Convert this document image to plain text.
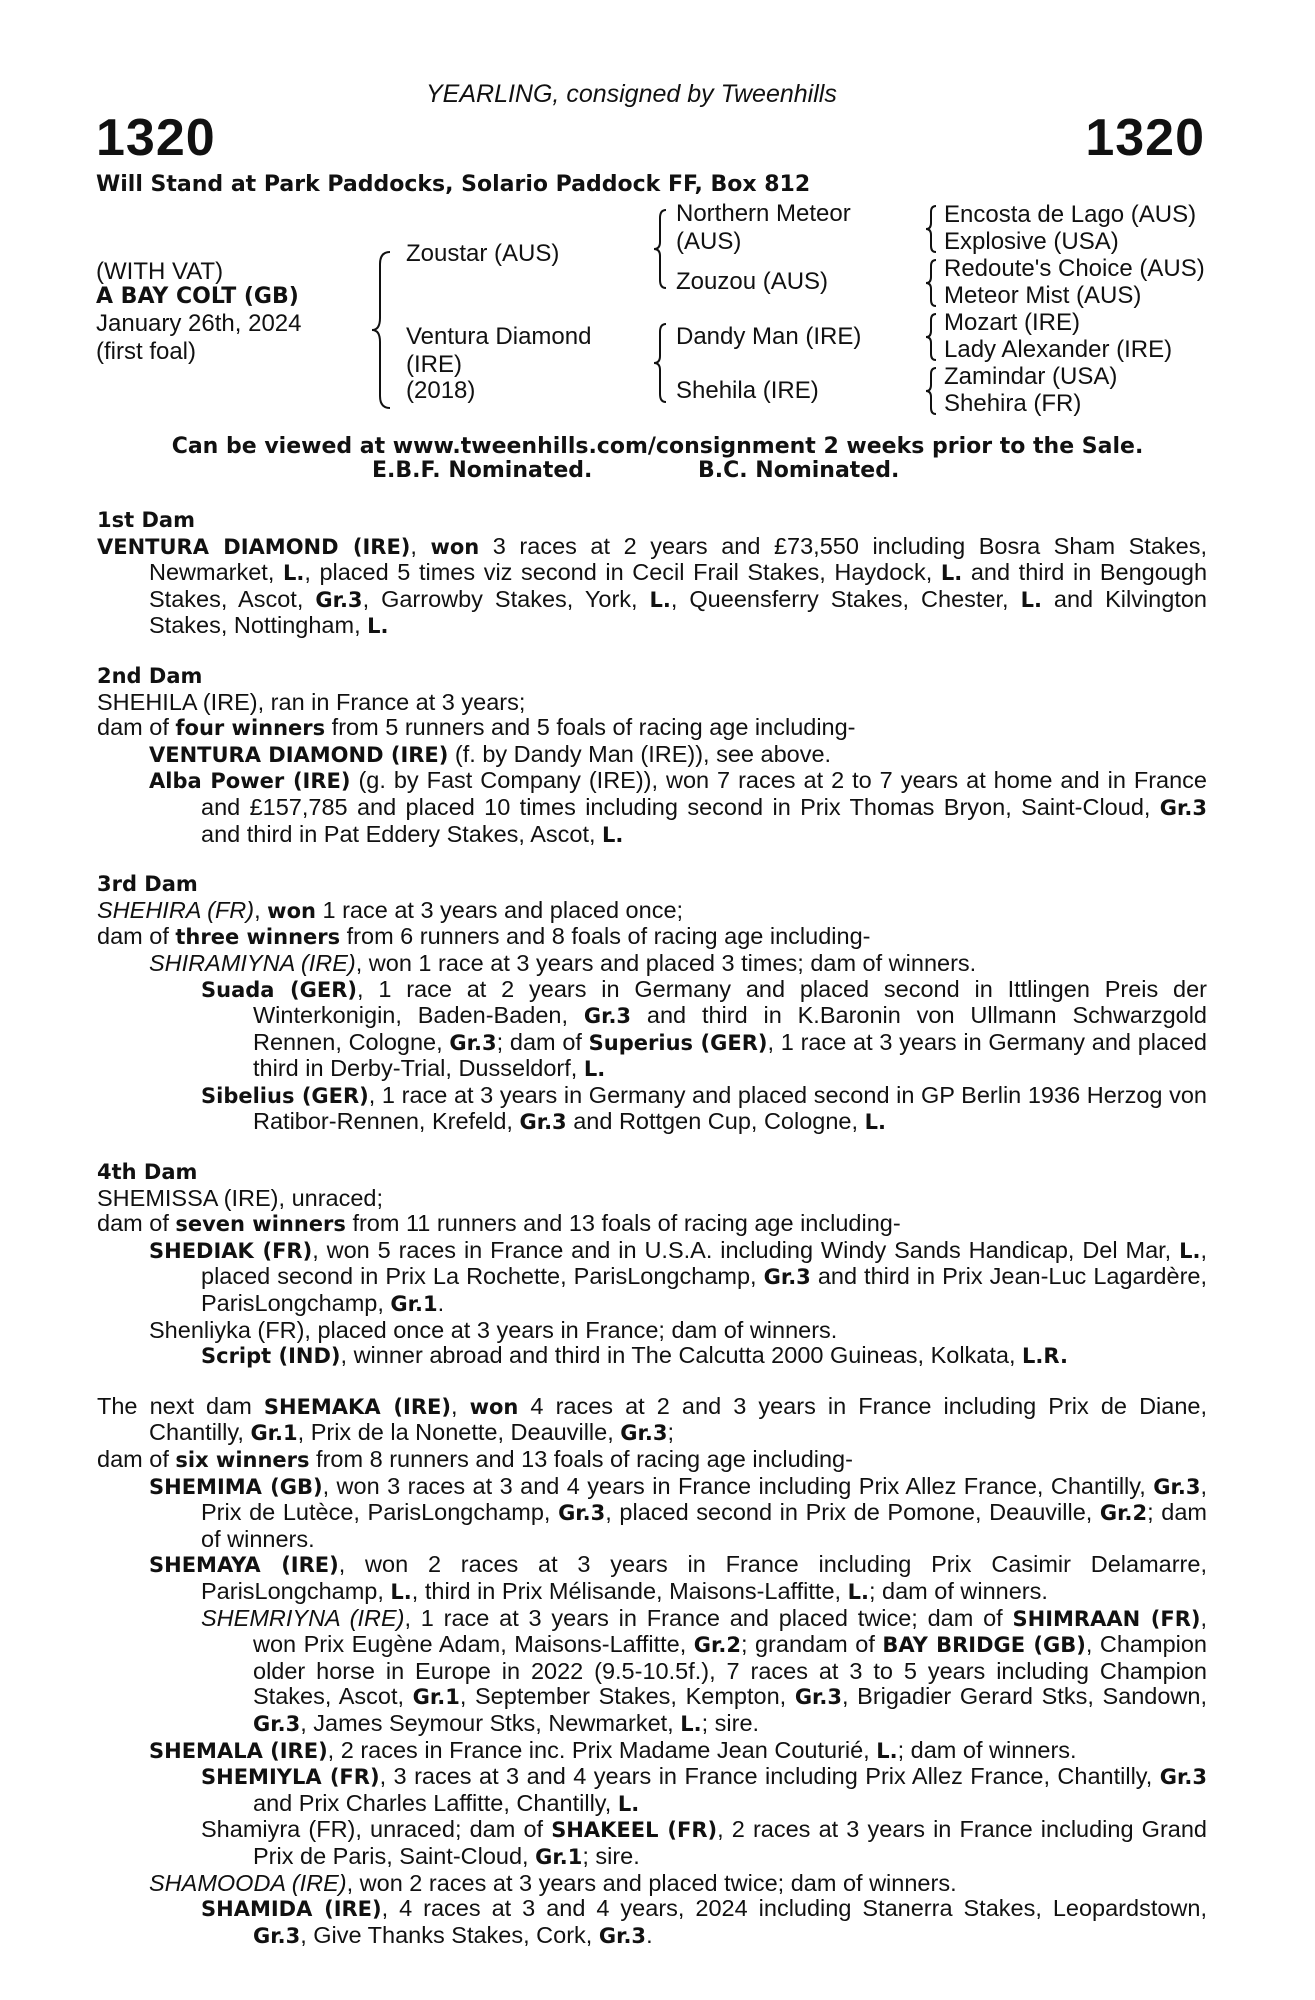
YEARLING, consigned by Tweenhills
1320	1320
Will Stand at Park Paddocks, Solario Paddock FF, Box 812
(WITH VAT)
A BAY COLT (GB)
January 26th, 2024
(first foal)
Zoustar (AUS)
Ventura Diamond
(IRE)
(2018)
Northern Meteor
(AUS)
Zouzou (AUS)
Dandy Man (IRE)
Shehila (IRE)
Encosta de Lago (AUS)
Explosive (USA)
Redoute's Choice (AUS)
Meteor Mist (AUS)
Mozart (IRE)
Lady Alexander (IRE)
Zamindar (USA)
Shehira (FR)
Can be viewed at www.tweenhills.com/consignment 2 weeks prior to the Sale.
E.B.F. Nominated.	B.C. Nominated.

1st Dam

VENTURA DIAMOND (IRE), won 3 races at 2 years and £73,550 including Bosra Sham Stakes, Newmarket, L., placed 5 times viz second in Cecil Frail Stakes, Haydock, L. and third in Bengough Stakes, Ascot, Gr.3, Garrowby Stakes, York, L., Queensferry Stakes, Chester, L. and Kilvington Stakes, Nottingham, L.

2nd Dam

SHEHILA (IRE), ran in France at 3 years;

dam of four winners from 5 runners and 5 foals of racing age including-

VENTURA DIAMOND (IRE) (f. by Dandy Man (IRE)), see above.

Alba Power (IRE) (g. by Fast Company (IRE)), won 7 races at 2 to 7 years at home and in France and £157,785 and placed 10 times including second in Prix Thomas Bryon, Saint-Cloud, Gr.3 and third in Pat Eddery Stakes, Ascot, L.

3rd Dam

SHEHIRA (FR), won 1 race at 3 years and placed once;

dam of three winners from 6 runners and 8 foals of racing age including-

SHIRAMIYNA (IRE), won 1 race at 3 years and placed 3 times; dam of winners.

Suada (GER), 1 race at 2 years in Germany and placed second in Ittlingen Preis der Winterkonigin, Baden-Baden, Gr.3 and third in K.Baronin von Ullmann Schwarzgold Rennen, Cologne, Gr.3; dam of Superius (GER), 1 race at 3 years in Germany and placed third in Derby-Trial, Dusseldorf, L.

Sibelius (GER), 1 race at 3 years in Germany and placed second in GP Berlin 1936 Herzog von Ratibor-Rennen, Krefeld, Gr.3 and Rottgen Cup, Cologne, L.

4th Dam

SHEMISSA (IRE), unraced;

dam of seven winners from 11 runners and 13 foals of racing age including-

SHEDIAK (FR), won 5 races in France and in U.S.A. including Windy Sands Handicap, Del Mar, L., placed second in Prix La Rochette, ParisLongchamp, Gr.3 and third in Prix Jean-Luc Lagardère, ParisLongchamp, Gr.1.

Shenliyka (FR), placed once at 3 years in France; dam of winners.

Script (IND), winner abroad and third in The Calcutta 2000 Guineas, Kolkata, L.R.

The next dam SHEMAKA (IRE), won 4 races at 2 and 3 years in France including Prix de Diane, Chantilly, Gr.1, Prix de la Nonette, Deauville, Gr.3;

dam of six winners from 8 runners and 13 foals of racing age including-

SHEMIMA (GB), won 3 races at 3 and 4 years in France including Prix Allez France, Chantilly, Gr.3, Prix de Lutèce, ParisLongchamp, Gr.3, placed second in Prix de Pomone, Deauville, Gr.2; dam of winners.

SHEMAYA (IRE), won 2 races at 3 years in France including Prix Casimir Delamarre, ParisLongchamp, L., third in Prix Mélisande, Maisons-Laffitte, L.; dam of winners.

SHEMRIYNA (IRE), 1 race at 3 years in France and placed twice; dam of SHIMRAAN (FR), won Prix Eugène Adam, Maisons-Laffitte, Gr.2; grandam of BAY BRIDGE (GB), Champion older horse in Europe in 2022 (9.5-10.5f.), 7 races at 3 to 5 years including Champion Stakes, Ascot, Gr.1, September Stakes, Kempton, Gr.3, Brigadier Gerard Stks, Sandown, Gr.3, James Seymour Stks, Newmarket, L.; sire.

SHEMALA (IRE), 2 races in France inc. Prix Madame Jean Couturié, L.; dam of winners.

SHEMIYLA (FR), 3 races at 3 and 4 years in France including Prix Allez France, Chantilly, Gr.3 and Prix Charles Laffitte, Chantilly, L.

Shamiyra (FR), unraced; dam of SHAKEEL (FR), 2 races at 3 years in France including Grand Prix de Paris, Saint-Cloud, Gr.1; sire.

SHAMOODA (IRE), won 2 races at 3 years and placed twice; dam of winners.

SHAMIDA (IRE), 4 races at 3 and 4 years, 2024 including Stanerra Stakes, Leopardstown, Gr.3, Give Thanks Stakes, Cork, Gr.3.
